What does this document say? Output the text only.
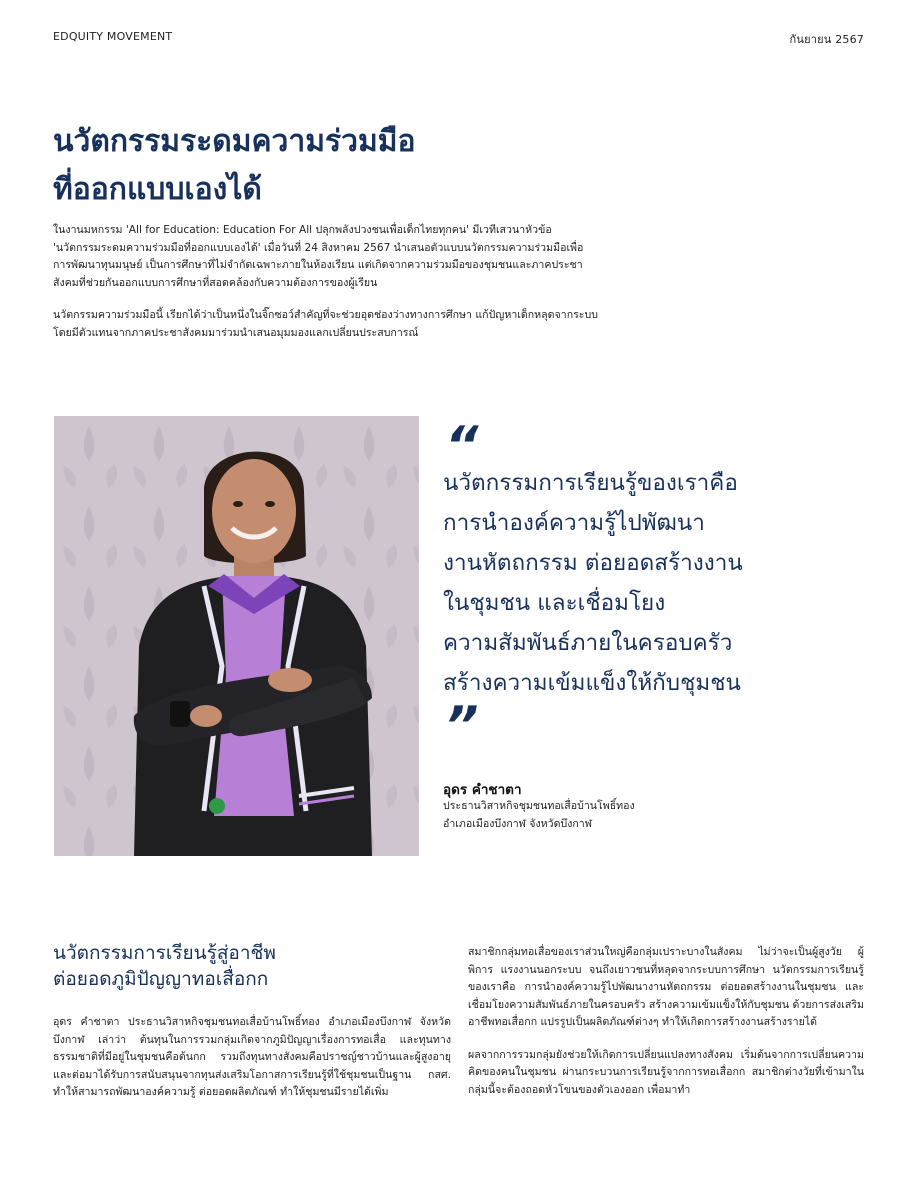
EDQUITY MOVEMENT	กันยายน 2567
นวัตกรรมระดมความร่วมมือ
ที่ออกแบบเองได้

ในงานมหกรรม 'All for Education: Education For All ปลุกพลังปวงชนเพื่อเด็กไทยทุกคน' มีเวทีเสวนาหัวข้อ 'นวัตกรรมระดมความร่วมมือที่ออกแบบเองได้' เมื่อวันที่ 24 สิงหาคม 2567 นำเสนอตัวแบบนวัตกรรมความร่วมมือเพื่อการพัฒนาทุนมนุษย์ เป็นการศึกษาที่ไม่จำกัดเฉพาะภายในห้องเรียน แต่เกิดจากความร่วมมือของชุมชนและภาคประชาสังคมที่ช่วยกันออกแบบการศึกษาที่สอดคล้องกับความต้องการของผู้เรียน

นวัตกรรมความร่วมมือนี้ เรียกได้ว่าเป็นหนึ่งในจิ๊กซอว์สำคัญที่จะช่วยอุดช่องว่างทางการศึกษา แก้ปัญหาเด็กหลุดจากระบบ โดยมีตัวแทนจากภาคประชาสังคมมาร่วมนำเสนอมุมมองแลกเปลี่ยนประสบการณ์

“
นวัตกรรมการเรียนรู้ของเราคือ
การนำองค์ความรู้ไปพัฒนา
งานหัตถกรรม ต่อยอดสร้างงาน
ในชุมชน และเชื่อมโยง
ความสัมพันธ์ภายในครอบครัว
สร้างความเข้มแข็งให้กับชุมชน
”
อุดร คำชาตา
ประธานวิสาหกิจชุมชนทอเสื่อบ้านโพธิ์ทอง
อำเภอเมืองบึงกาฬ จังหวัดบึงกาฬ
นวัตกรรมการเรียนรู้สู่อาชีพ
ต่อยอดภูมิปัญญาทอเสื่อกก

อุดร คำชาตา ประธานวิสาหกิจชุมชนทอเสื่อบ้านโพธิ์ทอง อำเภอเมืองบึงกาฬ จังหวัดบึงกาฬ เล่าว่า ต้นทุนในการรวมกลุ่มเกิดจากภูมิปัญญาเรื่องการทอเสื่อ และทุนทางธรรมชาติที่มีอยู่ในชุมชนคือต้นกก รวมถึงทุนทางสังคมคือปราชญ์ชาวบ้านและผู้สูงอายุ และต่อมาได้รับการสนับสนุนจากทุนส่งเสริมโอกาสการเรียนรู้ที่ใช้ชุมชนเป็นฐาน กสศ. ทำให้สามารถพัฒนาองค์ความรู้ ต่อยอดผลิตภัณฑ์ ทำให้ชุมชนมีรายได้เพิ่ม

สมาชิกกลุ่มทอเสื่อของเราส่วนใหญ่คือกลุ่มเปราะบางในสังคม ไม่ว่าจะเป็นผู้สูงวัย ผู้พิการ แรงงานนอกระบบ จนถึงเยาวชนที่หลุดจากระบบการศึกษา นวัตกรรมการเรียนรู้ของเราคือ การนำองค์ความรู้ไปพัฒนางานหัตถกรรม ต่อยอดสร้างงานในชุมชน และเชื่อมโยงความสัมพันธ์ภายในครอบครัว สร้างความเข้มแข็งให้กับชุมชน ด้วยการส่งเสริมอาชีพทอเสื่อกก แปรรูปเป็นผลิตภัณฑ์ต่างๆ ทำให้เกิดการสร้างงานสร้างรายได้

ผลจากการรวมกลุ่มยังช่วยให้เกิดการเปลี่ยนแปลงทางสังคม เริ่มต้นจากการเปลี่ยนความคิดของคนในชุมชน ผ่านกระบวนการเรียนรู้จากการทอเสื่อกก สมาชิกต่างวัยที่เข้ามาในกลุ่มนี้จะต้องถอดหัวโขนของตัวเองออก เพื่อมาทำ
